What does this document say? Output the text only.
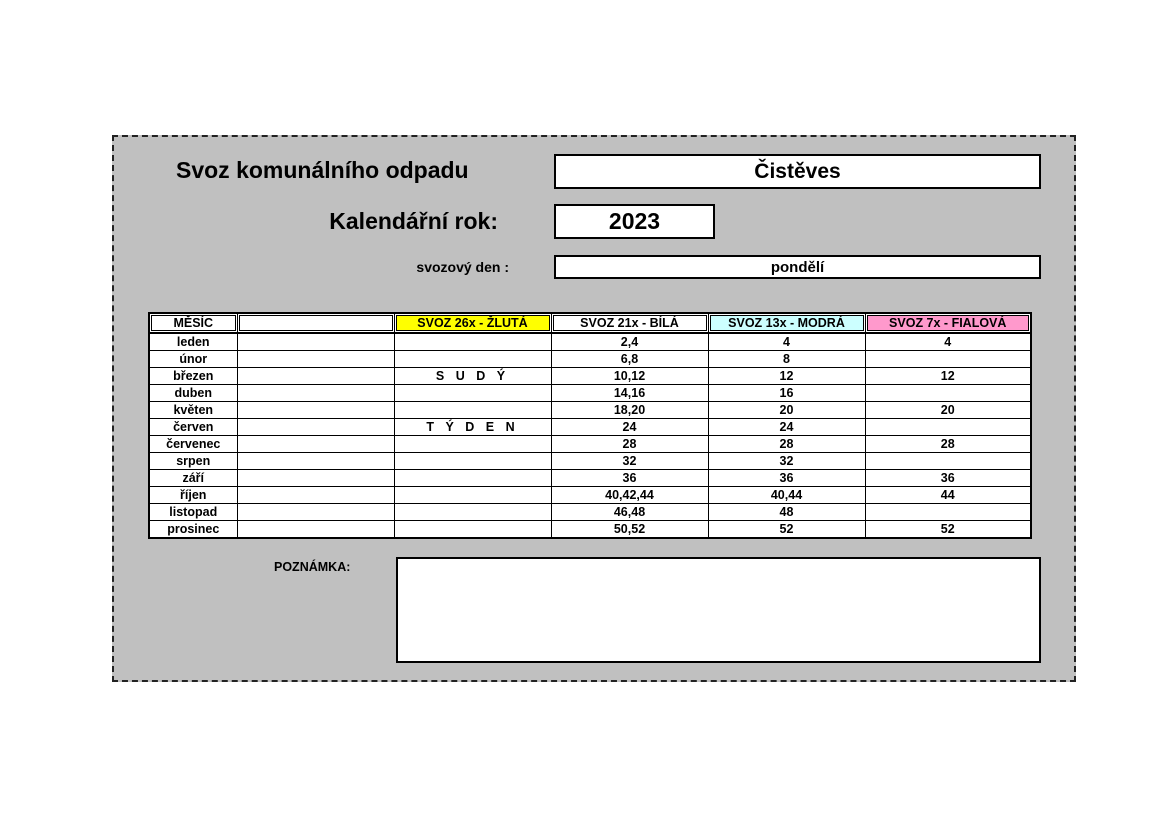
Svoz komunálního odpadu	Čistěves
Kalendářní rok:	2023
svozový den :	pondělí
MĚSÍC		SVOZ 26x - ŽLUTÁ	SVOZ 21x - BÍLÁ	SVOZ 13x - MODRÁ	SVOZ 7x - FIALOVÁ

leden			2,4	4	4
únor			6,8	8	
březen		S U D Ý	10,12	12	12
duben			14,16	16	
květen			18,20	20	20
červen		T Ý D E N	24	24	
červenec			28	28	28
srpen			32	32	
září			36	36	36
říjen			40,42,44	40,44	44
listopad			46,48	48	
prosinec			50,52	52	52
POZNÁMKA:
